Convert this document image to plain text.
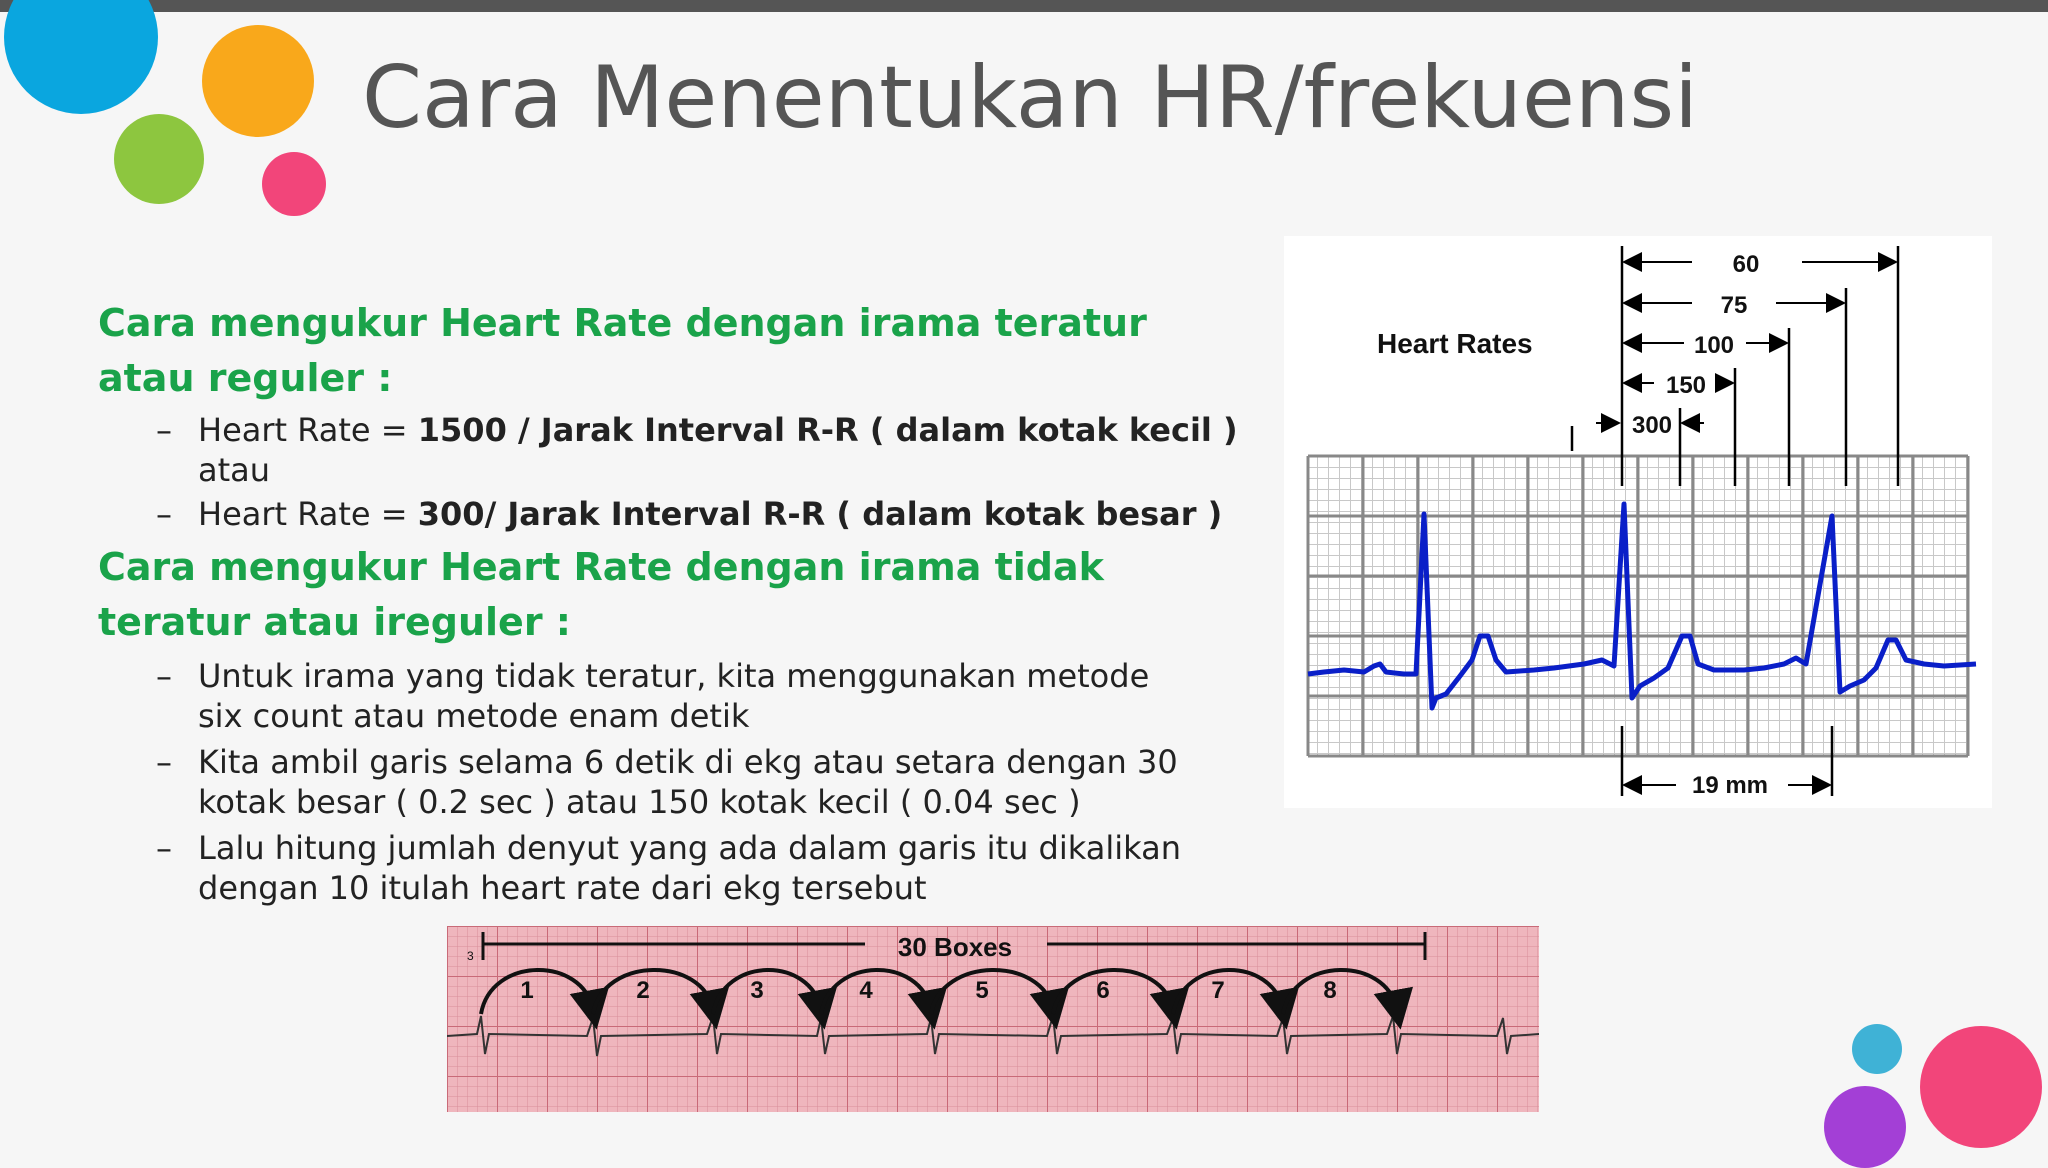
Cara Menentukan HR/frekuensi

Cara mengukur Heart Rate dengan irama teratur atau reguler :

– Heart Rate = 1500 / Jarak Interval R-R ( dalam kotak kecil ) atau
– Heart Rate = 300/ Jarak Interval R-R ( dalam kotak besar )

Cara mengukur Heart Rate dengan irama tidak teratur atau ireguler :

– Untuk irama yang tidak teratur, kita menggunakan metode six count atau metode enam detik
– Kita ambil garis selama 6 detik di ekg atau setara dengan 30 kotak besar ( 0.2 sec ) atau 150 kotak kecil ( 0.04 sec )
– Lalu hitung jumlah denyut yang ada dalam garis itu dikalikan dengan 10 itulah heart rate dari ekg tersebut
Heart Rates
60
75
100
150
300
19 mm
30 Boxes
3
1	2	3	4	5	6	7	8
